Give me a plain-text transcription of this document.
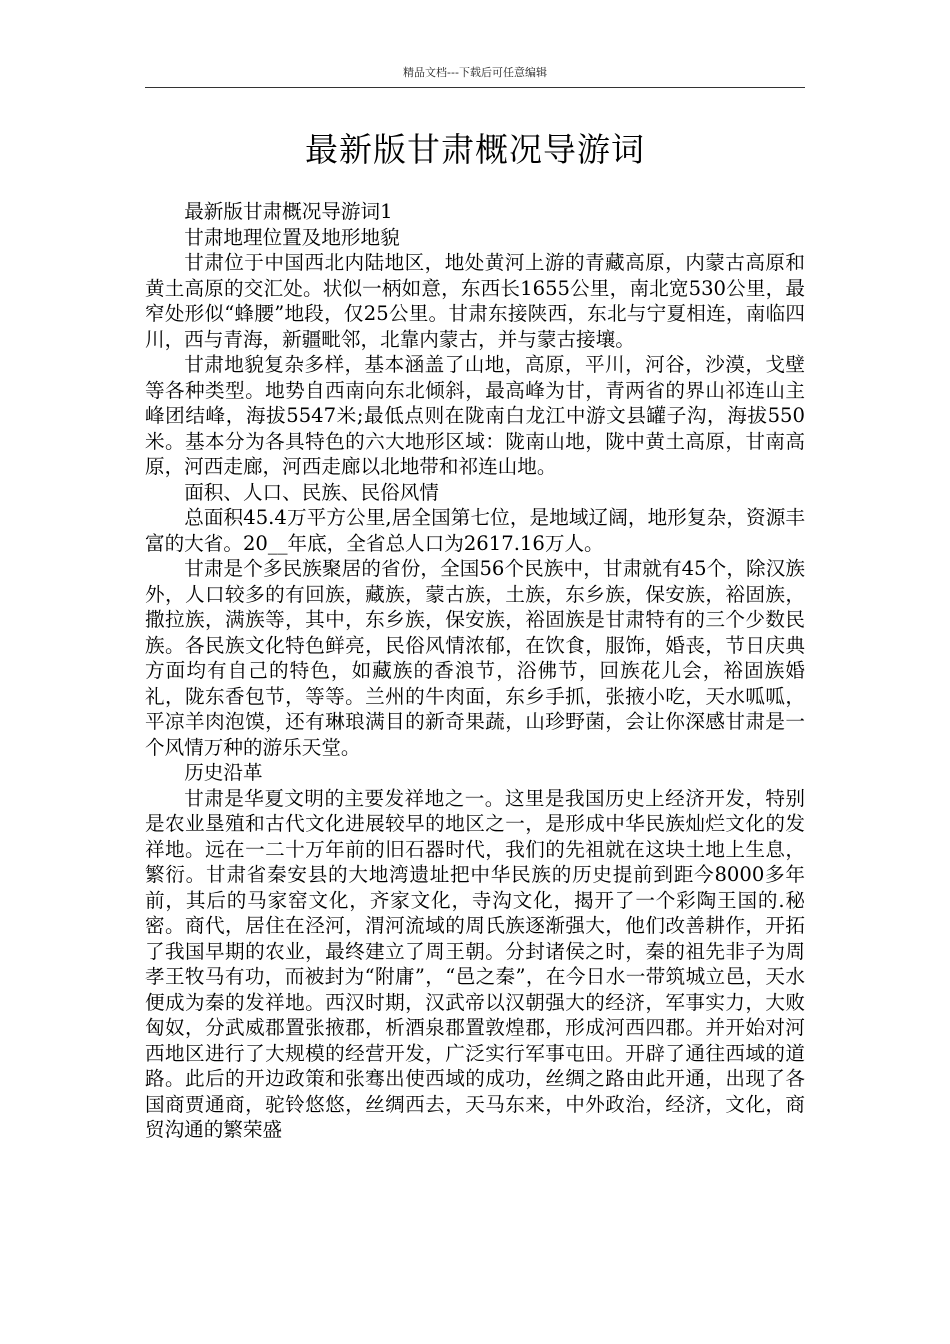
精品文档---下载后可任意编辑
最新版甘肃概况导游词

最新版甘肃概况导游词1

甘肃地理位置及地形地貌

甘肃位于中国西北内陆地区，地处黄河上游的青藏高原，内蒙古高原和黄土高原的交汇处。状似一柄如意，东西长1655公里，南北宽530公里，最窄处形似“蜂腰”地段，仅25公里。甘肃东接陕西，东北与宁夏相连，南临四川，西与青海，新疆毗邻，北靠内蒙古，并与蒙古接壤。

甘肃地貌复杂多样，基本涵盖了山地，高原，平川，河谷，沙漠，戈壁等各种类型。地势自西南向东北倾斜，最高峰为甘，青两省的界山祁连山主峰团结峰，海拔5547米;最低点则在陇南白龙江中游文县罐子沟，海拔550米。基本分为各具特色的六大地形区域：陇南山地，陇中黄土高原，甘南高原，河西走廊，河西走廊以北地带和祁连山地。

面积、人口、民族、民俗风情

总面积45.4万平方公里,居全国第七位，是地域辽阔，地形复杂，资源丰富的大省。20__年底，全省总人口为2617.16万人。

甘肃是个多民族聚居的省份，全国56个民族中，甘肃就有45个，除汉族外，人口较多的有回族，藏族，蒙古族，土族，东乡族，保安族，裕固族，撒拉族，满族等，其中，东乡族，保安族，裕固族是甘肃特有的三个少数民族。各民族文化特色鲜亮，民俗风情浓郁，在饮食，服饰，婚丧，节日庆典方面均有自己的特色，如藏族的香浪节，浴佛节，回族花儿会，裕固族婚礼，陇东香包节，等等。兰州的牛肉面，东乡手抓，张掖小吃，天水呱呱，平凉羊肉泡馍，还有琳琅满目的新奇果蔬，山珍野菌，会让你深感甘肃是一个风情万种的游乐天堂。

历史沿革

甘肃是华夏文明的主要发祥地之一。这里是我国历史上经济开发，特别是农业垦殖和古代文化进展较早的地区之一，是形成中华民族灿烂文化的发祥地。远在一二十万年前的旧石器时代，我们的先祖就在这块土地上生息，繁衍。甘肃省秦安县的大地湾遗址把中华民族的历史提前到距今8000多年前，其后的马家窑文化，齐家文化，寺沟文化，揭开了一个彩陶王国的.秘密。商代，居住在泾河，渭河流域的周氏族逐渐强大，他们改善耕作，开拓了我国早期的农业，最终建立了周王朝。分封诸侯之时，秦的祖先非子为周孝王牧马有功，而被封为“附庸”，“邑之秦”，在今日水一带筑城立邑，天水便成为秦的发祥地。西汉时期，汉武帝以汉朝强大的经济，军事实力，大败匈奴，分武威郡置张掖郡，析酒泉郡置敦煌郡，形成河西四郡。并开始对河西地区进行了大规模的经营开发，广泛实行军事屯田。开辟了通往西域的道路。此后的开边政策和张骞出使西域的成功，丝绸之路由此开通，出现了各国商贾通商，驼铃悠悠，丝绸西去，天马东来，中外政治，经济，文化，商贸沟通的繁荣盛
